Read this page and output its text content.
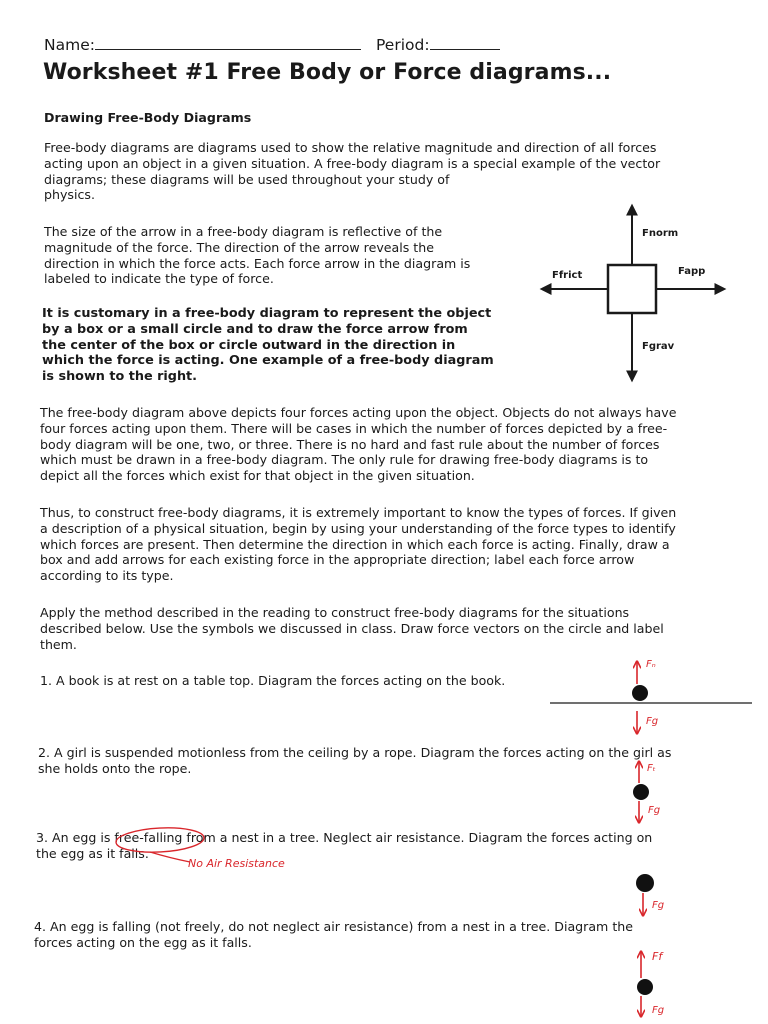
Name:	Period:
Worksheet #1 Free Body or Force diagrams...
Drawing Free-Body Diagrams
Free-body diagrams are diagrams used to show the relative magnitude and direction of all forces
acting upon an object in a given situation. A free-body diagram is a special example of the vector
diagrams; these diagrams will be used throughout your study of
physics.
The size of the arrow in a free-body diagram is reflective of the
magnitude of the force. The direction of the arrow reveals the
direction in which the force acts. Each force arrow in the diagram is
labeled to indicate the type of force.
It is customary in a free-body diagram to represent the object
by a box or a small circle and to draw the force arrow from
the center of the box or circle outward in the direction in
which the force is acting. One example of a free-body diagram
is shown to the right.
Fnorm
Fapp
Ffrict
Fgrav
The free-body diagram above depicts four forces acting upon the object. Objects do not always have
four forces acting upon them. There will be cases in which the number of forces depicted by a free-
body diagram will be one, two, or three. There is no hard and fast rule about the number of forces
which must be drawn in a free-body diagram. The only rule for drawing free-body diagrams is to
depict all the forces which exist for that object in the given situation.
Thus, to construct free-body diagrams, it is extremely important to know the types of forces. If given
a description of a physical situation, begin by using your understanding of the force types to identify
which forces are present. Then determine the direction in which each force is acting. Finally, draw a
box and add arrows for each existing force in the appropriate direction; label each force arrow
according to its type.
Apply the method described in the reading to construct free-body diagrams for the situations
described below. Use the symbols we discussed in class. Draw force vectors on the circle and label
them.
1. A book is at rest on a table top. Diagram the forces acting on the book.
2. A girl is suspended motionless from the ceiling by a rope. Diagram the forces acting on the girl as
she holds onto the rope.
3. An egg is free-falling from a nest in a tree. Neglect air resistance. Diagram the forces acting on
the egg as it falls.
4. An egg is falling (not freely, do not neglect air resistance) from a nest in a tree. Diagram the
forces acting on the egg as it falls.
Fₙ
Fg
Fₜ
Fg
No Air Resistance
Fg
Ff
Fg
